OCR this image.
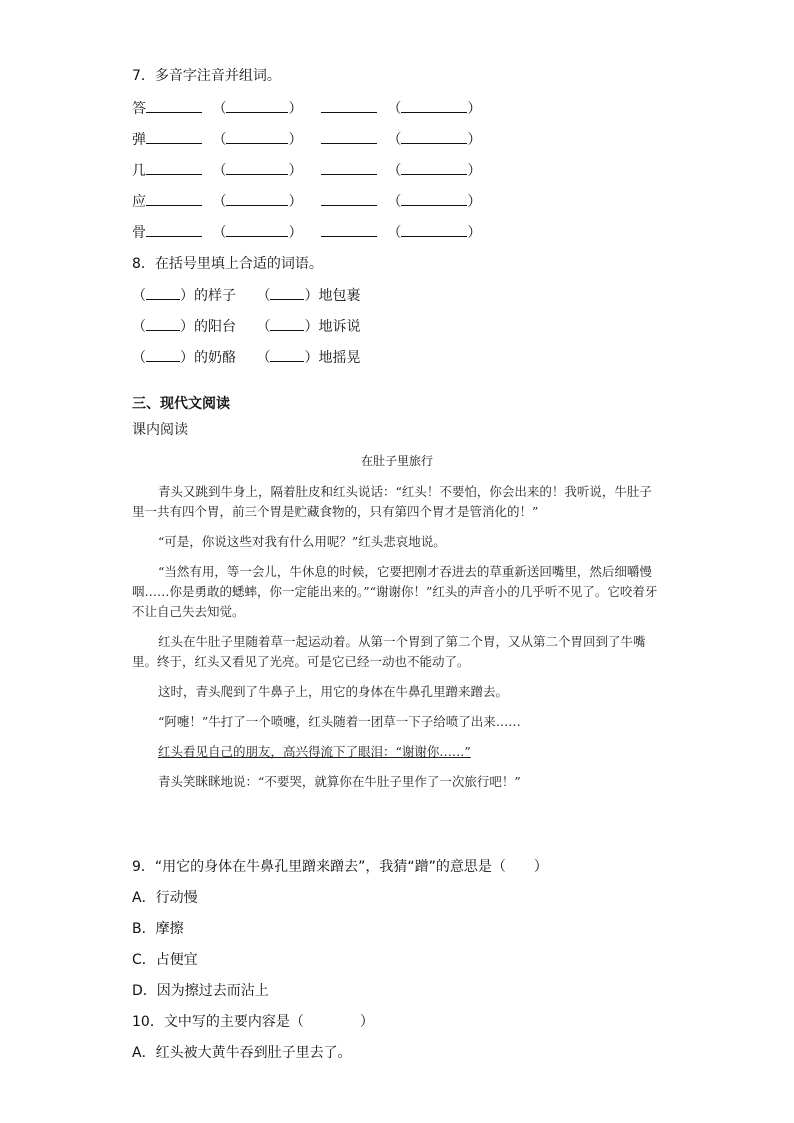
7．多音字注音并组词。
答	（	）	（	）
弹	（	）	（	）
几	（	）	（	）
应	（	）	（	）
骨	（	）	（	）
8．在括号里填上合适的词语。
（ ）的样子 （ ）地包裹
（ ）的阳台 （ ）地诉说
（ ）的奶酪 （ ）地摇晃
三、现代文阅读
课内阅读
在肚子里旅行

青头又跳到牛身上，隔着肚皮和红头说话：“红头！不要怕，你会出来的！我听说，牛肚子里一共有四个胃，前三个胃是贮藏食物的，只有第四个胃才是管消化的！”

“可是，你说这些对我有什么用呢？”红头悲哀地说。

“当然有用，等一会儿，牛休息的时候，它要把刚才吞进去的草重新送回嘴里，然后细嚼慢咽……你是勇敢的蟋蟀，你一定能出来的。”“谢谢你！”红头的声音小的几乎听不见了。它咬着牙不让自己失去知觉。

红头在牛肚子里随着草一起运动着。从第一个胃到了第二个胃，又从第二个胃回到了牛嘴里。终于，红头又看见了光亮。可是它已经一动也不能动了。

这时，青头爬到了牛鼻子上，用它的身体在牛鼻孔里蹭来蹭去。

“阿嚏！”牛打了一个喷嚏，红头随着一团草一下子给喷了出来……

红头看见自己的朋友，高兴得流下了眼泪：“谢谢你……”

青头笑眯眯地说：“不要哭，就算你在牛肚子里作了一次旅行吧！”

9．“用它的身体在牛鼻孔里蹭来蹭去”，我猜“蹭”的意思是（　　）
A．行动慢
B．摩擦
C．占便宜
D．因为擦过去而沾上
10．文中写的主要内容是（　　　　）
A．红头被大黄牛吞到肚子里去了。
